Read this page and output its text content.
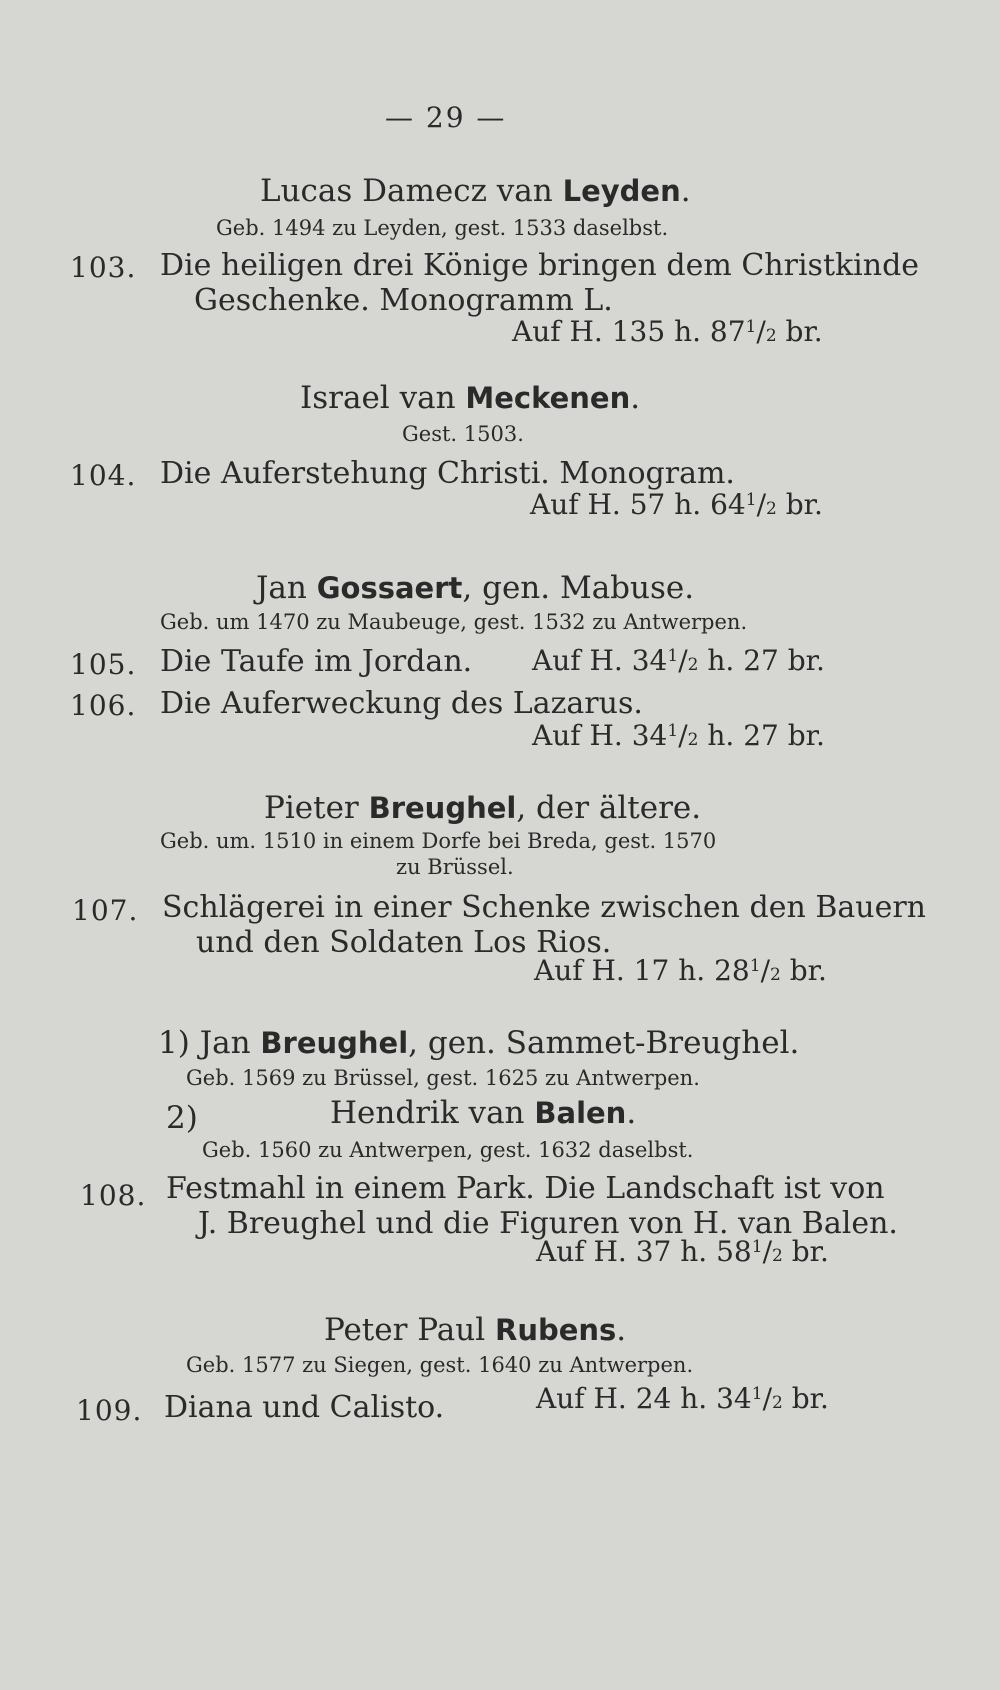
— 29 —
Lucas Damecz van Leyden.
Geb. 1494 zu Leyden, gest. 1533 daselbst.
103. Die heiligen drei Könige bringen dem Christkinde
Geschenke. Monogramm L.
Auf H. 135 h. $87^1/2$ br.
Israel van Meckenen.
Gest. 1503.
104. Die Auferstehung Christi. Monogram.
Auf H. 57 h. $64^1/2$ br.
Jan Gossaert, gen. Mabuse.
Geb. um 1470 zu Maubeuge, gest. 1532 zu Antwerpen.
105. Die Taufe im Jordan. Auf H. $34^1/2$ h. 27 br.
106. Die Auferweckung des Lazarus.
Auf H. $34^1/2$ h. 27 br.
Pieter Breughel, der ältere.
Geb. um. 1510 in einem Dorfe bei Breda, gest. 1570
zu Brüssel.
107. Schlägerei in einer Schenke zwischen den Bauern
und den Soldaten Los Rios.
Auf H. 17 h. $28^1/2$ br.
1) Jan Breughel, gen. Sammet-Breughel.
Geb. 1569 zu Brüssel, gest. 1625 zu Antwerpen.
2)	Hendrik van Balen.
Geb. 1560 zu Antwerpen, gest. 1632 daselbst.
108. Festmahl in einem Park. Die Landschaft ist von
J. Breughel und die Figuren von H. van Balen.
Auf H. 37 h. $58^1/2$ br.
Peter Paul Rubens.
Geb. 1577 zu Siegen, gest. 1640 zu Antwerpen.
109. Diana und Calisto.	Auf H. 24 h. $34^1/2$ br.
